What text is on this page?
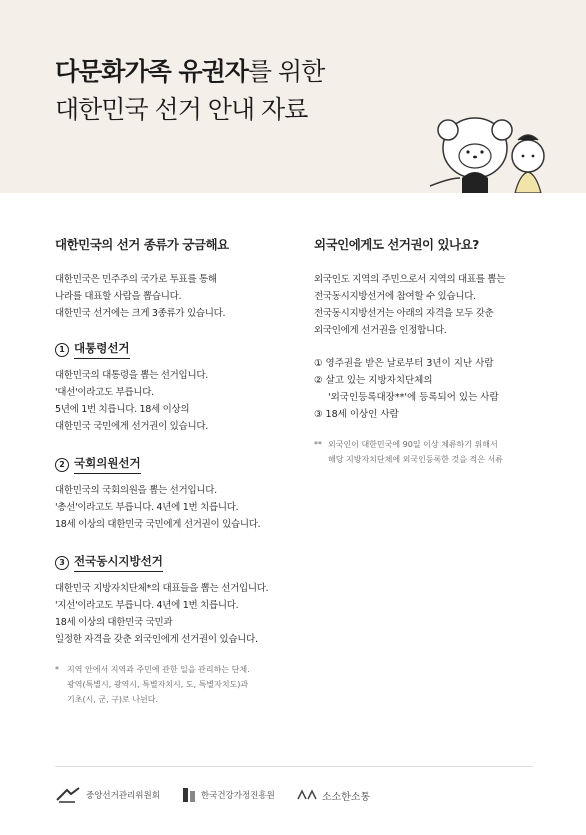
다문화가족 유권자를 위한
대한민국 선거 안내 자료
대한민국의 선거 종류가 궁금해요
대한민국은 민주주의 국가로 투표를 통해
나라를 대표할 사람을 뽑습니다.
대한민국 선거에는 크게 3종류가 있습니다.
1 대통령선거
대한민국의 대통령을 뽑는 선거입니다.
'대선'이라고도 부릅니다.
5년에 1번 치릅니다. 18세 이상의
대한민국 국민에게 선거권이 있습니다.
2 국회의원선거
대한민국의 국회의원을 뽑는 선거입니다.
'총선'이라고도 부릅니다. 4년에 1번 치릅니다.
18세 이상의 대한민국 국민에게 선거권이 있습니다.
3 전국동시지방선거
대한민국 지방자치단체*의 대표들을 뽑는 선거입니다.
'지선'이라고도 부릅니다. 4년에 1번 치릅니다.
18세 이상의 대한민국 국민과
일정한 자격을 갖춘 외국인에게 선거권이 있습니다.
* 지역 안에서 지역과 주민에 관한 일을 관리하는 단체.
광역(특별시, 광역시, 특별자치시, 도, 특별자치도)과
기초(시, 군, 구)로 나뉜다.
외국인에게도 선거권이 있나요?
외국인도 지역의 주민으로서 지역의 대표를 뽑는
전국동시지방선거에 참여할 수 있습니다.
전국동시지방선거는 아래의 자격을 모두 갖춘
외국인에게 선거권을 인정합니다.
① 영주권을 받은 날로부터 3년이 지난 사람
② 살고 있는 지방자치단체의
'외국인등록대장**'에 등록되어 있는 사람
③ 18세 이상인 사람
** 외국인이 대한민국에 90일 이상 체류하기 위해서
해당 지방자치단체에 외국인등록한 것을 적은 서류
중앙선거관리위원회	한국건강가정진흥원	소소한소통
